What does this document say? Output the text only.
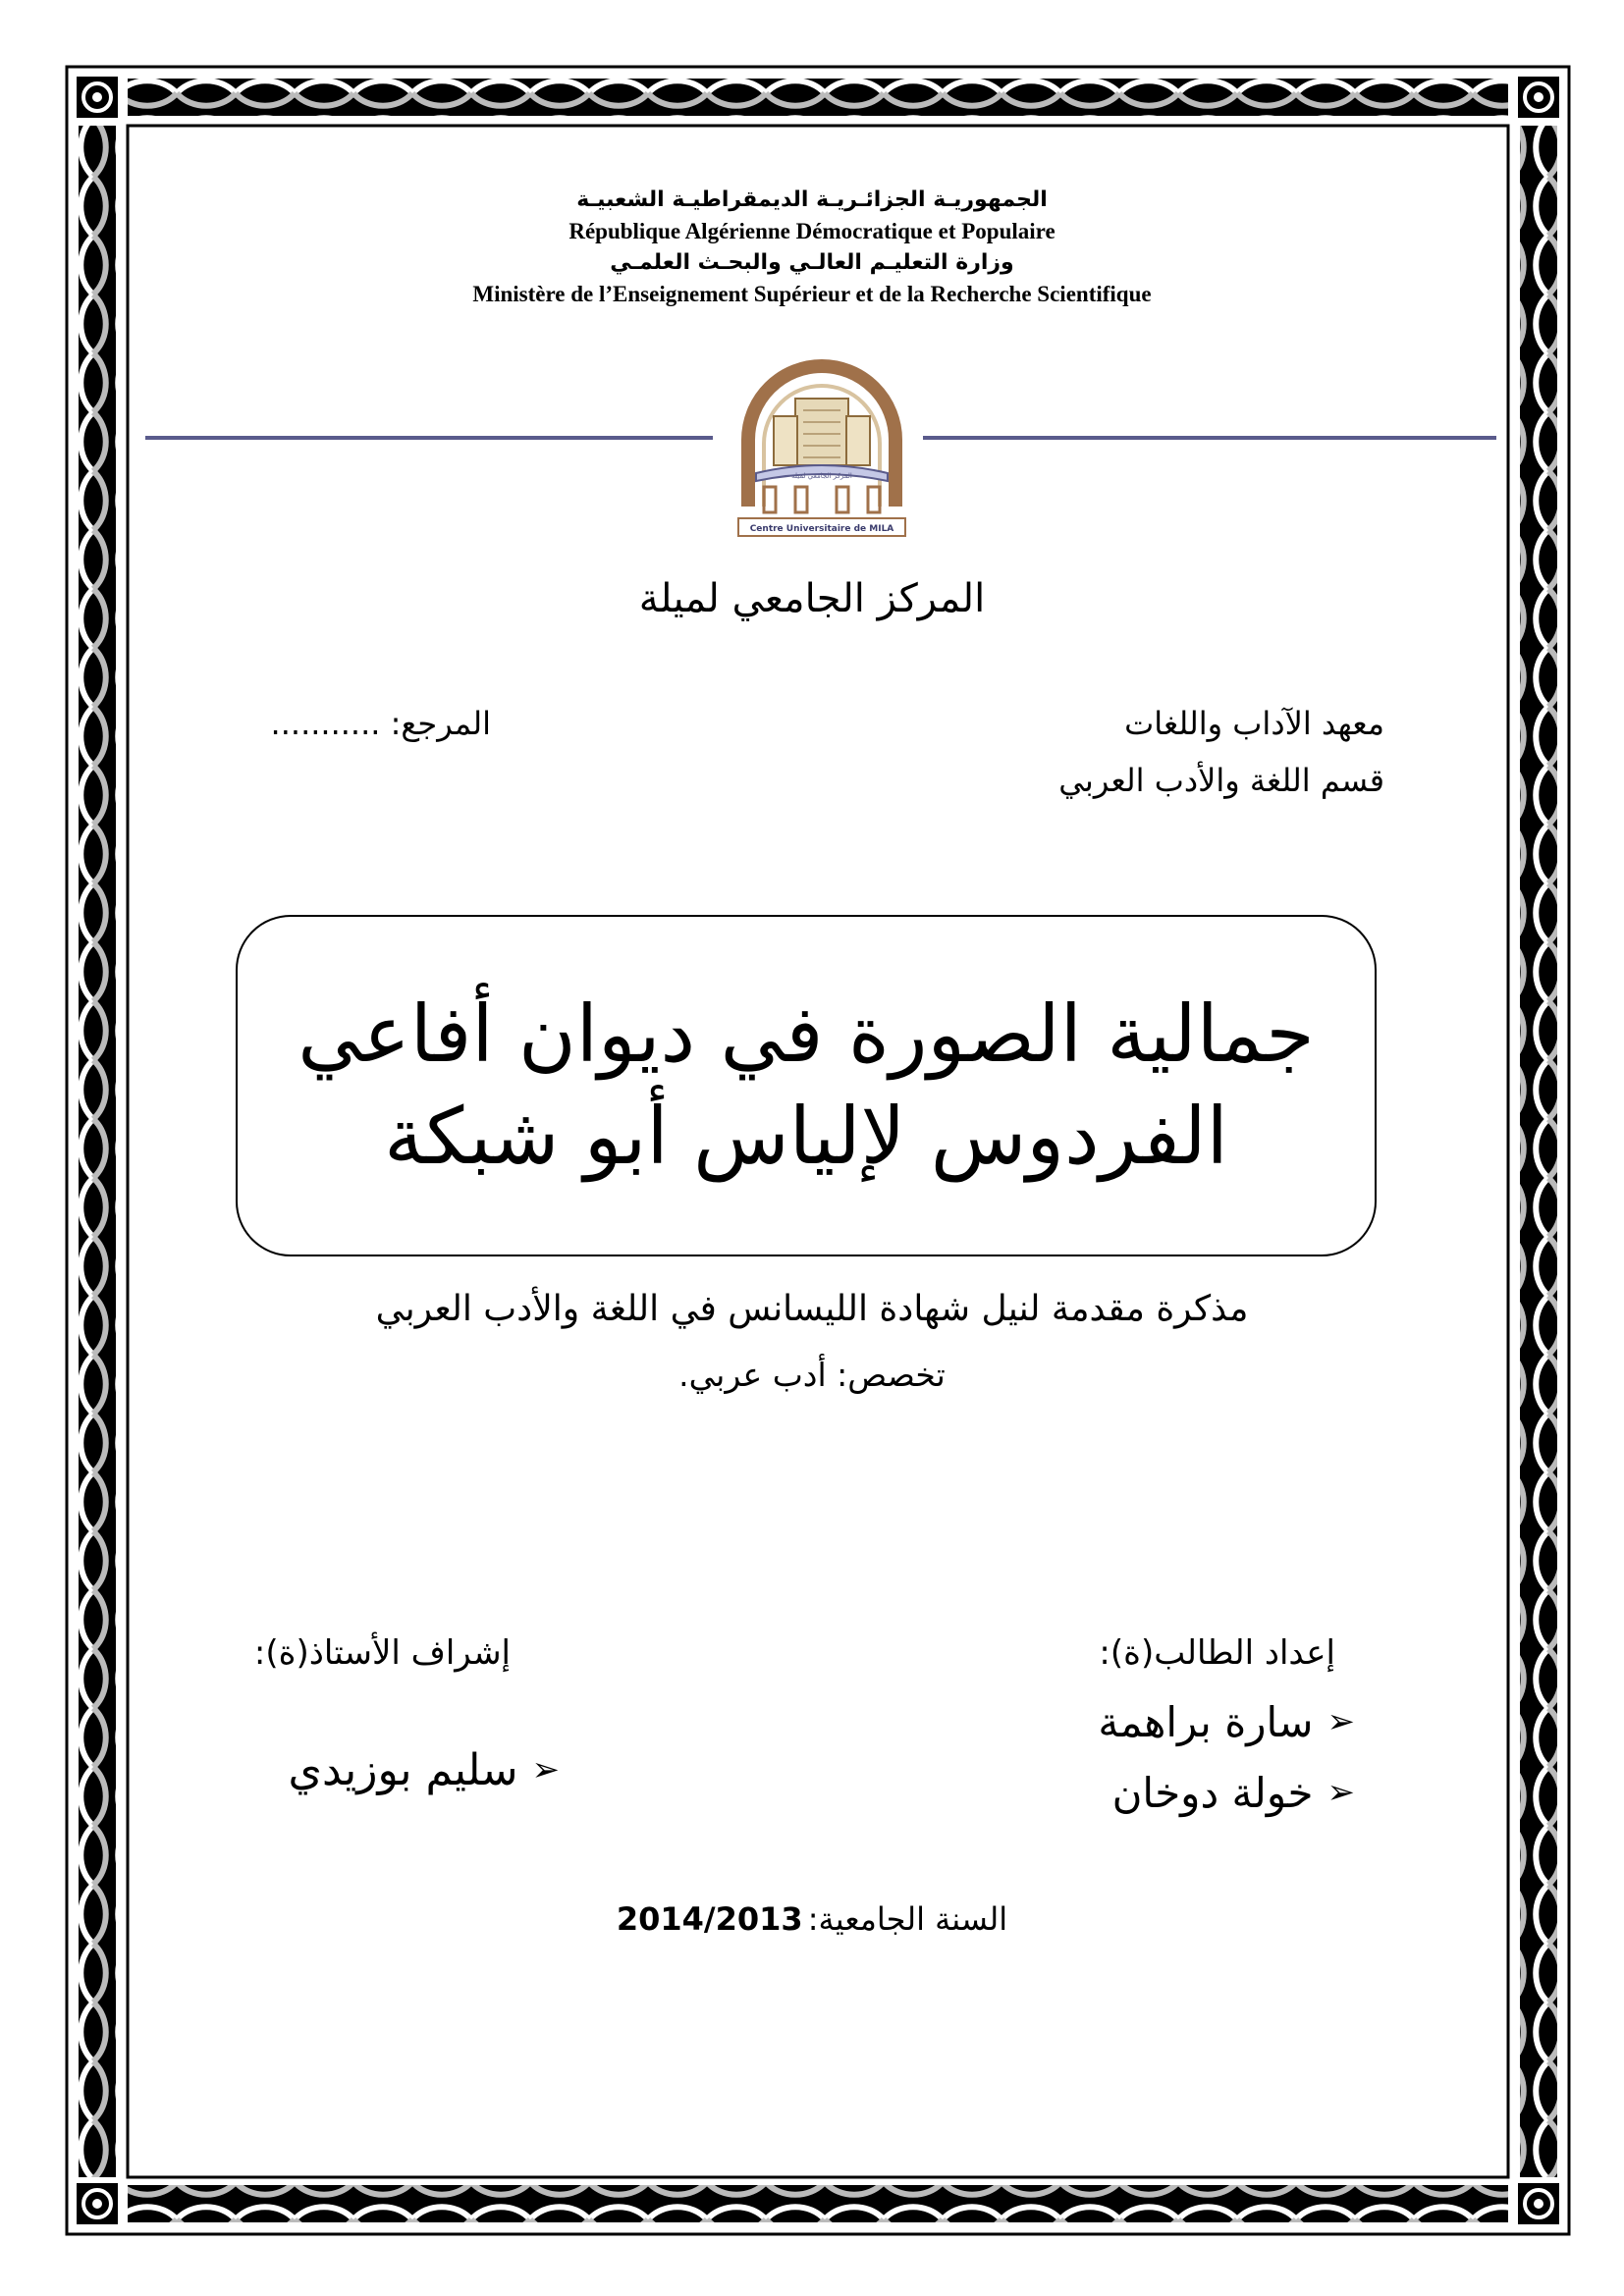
الجمهوريـة الجزائـريـة الديمقراطيـة الشعبيـة
République Algérienne Démocratique et Populaire
وزارة التعليـم العالـي والبحـث العلمـي
Ministère de l’Enseignement Supérieur et de la Recherche Scientifique
المركز الجامعي لميلة
Centre Universitaire de MILA
المركز الجامعي لميلة
معهد الآداب واللغات
قسم اللغة والأدب العربي
المرجع: ...........
جمالية الصورة في ديوان أفاعي
الفردوس لإلياس أبو شبكة
مذكرة مقدمة لنيل شهادة الليسانس في اللغة والأدب العربي
تخصص: أدب عربي.
إعداد الطالب(ة):
➢
سارة براهمة
➢
خولة دوخان
إشراف الأستاذ(ة):
➢
سليم بوزيدي
السنة الجامعية: 2014/2013
